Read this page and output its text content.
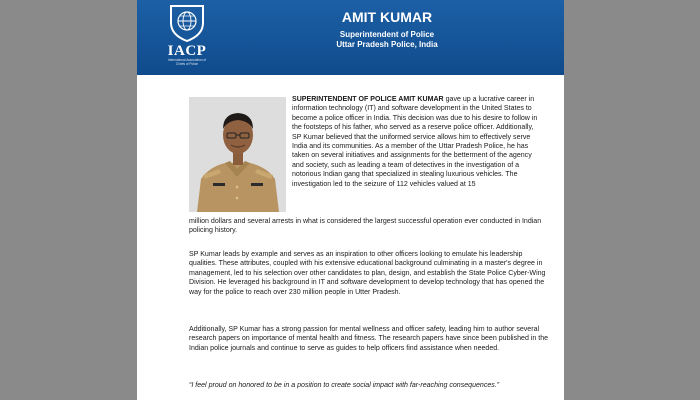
IACP
International Association of Chiefs of Police
AMIT KUMAR
Superintendent of Police
Uttar Pradesh Police, India

SUPERINTENDENT OF POLICE AMIT KUMAR gave up a lucrative career in information technology (IT) and software development in the United States to become a police officer in India. This decision was due to his desire to follow in the footsteps of his father, who served as a reserve police officer. Additionally, SP Kumar believed that the uniformed service allows him to effectively serve India and its communities. As a member of the Uttar Pradesh Police, he has taken on several initiatives and assignments for the betterment of the agency and society, such as leading a team of detectives in the investigation of a notorious Indian gang that specialized in stealing luxurious vehicles. The investigation led to the seizure of 112 vehicles valued at 15

million dollars and several arrests in what is considered the largest successful operation ever conducted in Indian policing history.

SP Kumar leads by example and serves as an inspiration to other officers looking to emulate his leadership qualities. These attributes, coupled with his extensive educational background culminating in a master's degree in management, led to his selection over other candidates to plan, design, and establish the State Police Cyber-Wing Division. He leveraged his background in IT and software development to develop technology that has opened the way for the police to reach over 230 million people in Utter Pradesh.

Additionally, SP Kumar has a strong passion for mental wellness and officer safety, leading him to author several research papers on importance of mental health and fitness. The research papers have since been published in the Indian police journals and continue to serve as guides to help officers find assistance when needed.

“I feel proud on honored to be in a position to create social impact with far-reaching consequences.”
